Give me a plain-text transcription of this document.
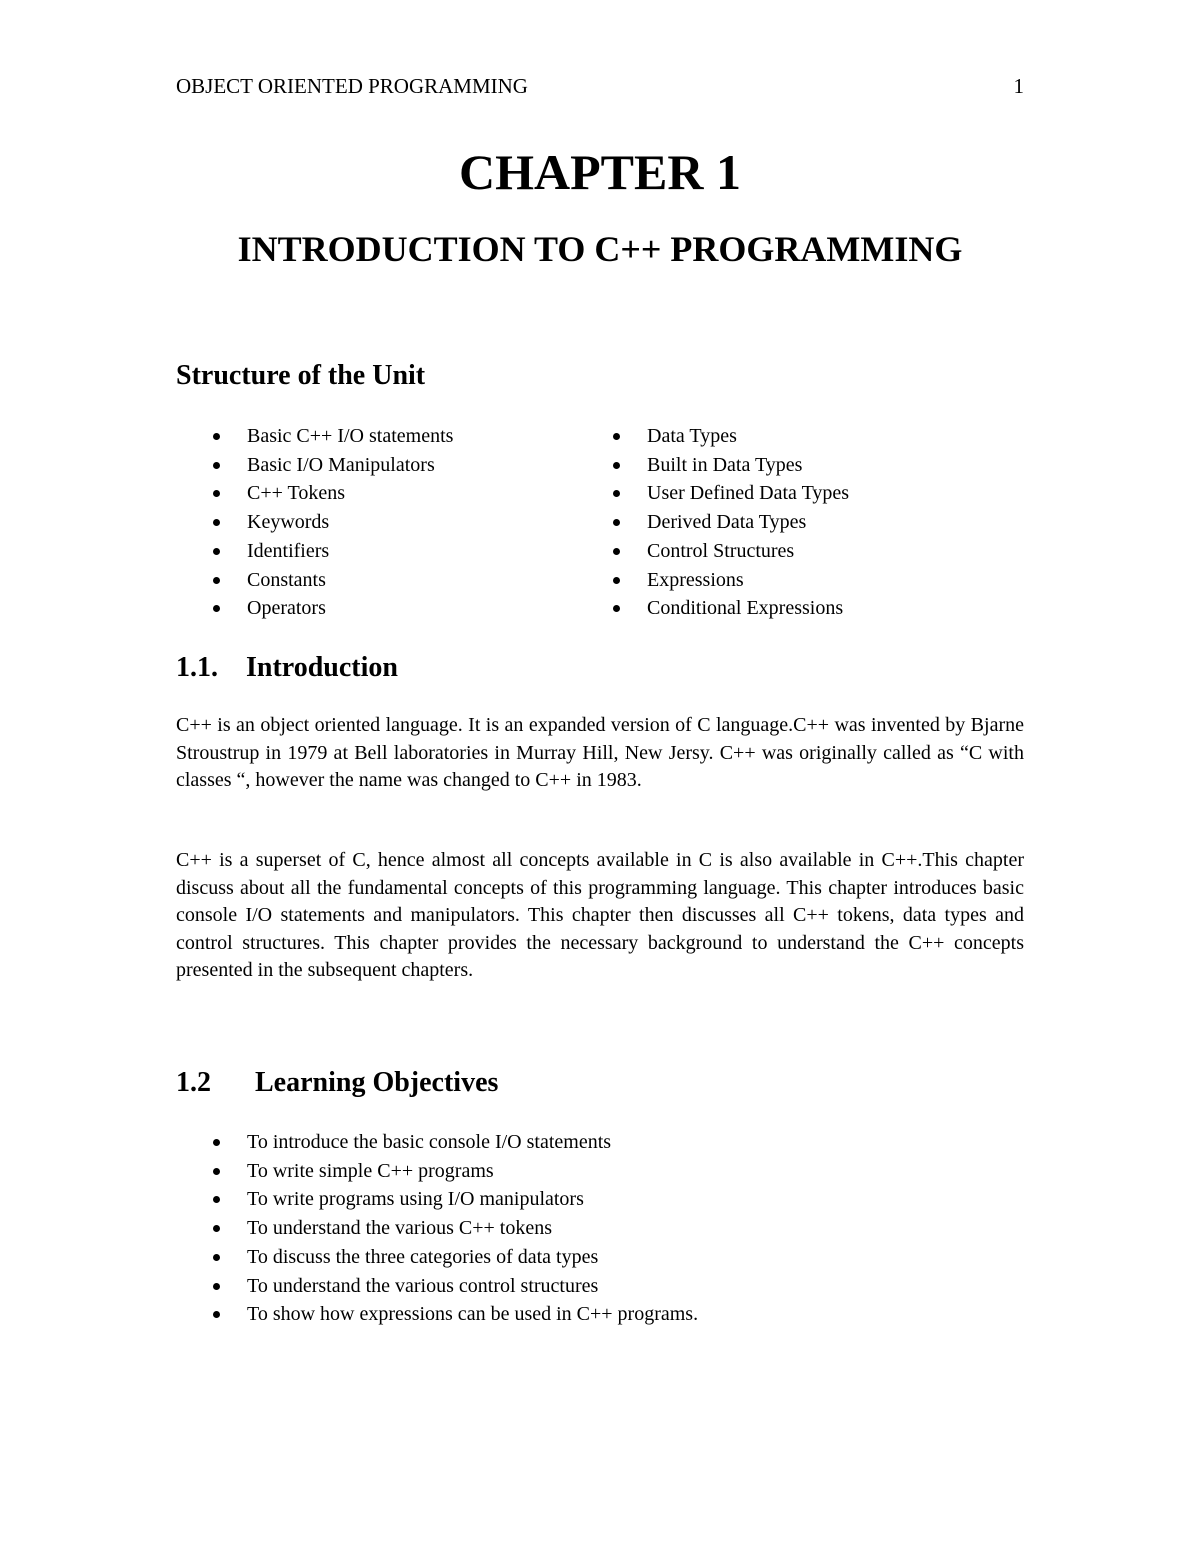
OBJECT ORIENTED PROGRAMMING	1
CHAPTER 1
INTRODUCTION TO C++ PROGRAMMING
Structure of the Unit
Basic C++ I/O statements
Basic I/O Manipulators
C++ Tokens
Keywords
Identifiers
Constants
Operators
Data Types
Built in Data Types
User Defined Data Types
Derived Data Types
Control Structures
Expressions
Conditional Expressions
1.1. Introduction

C++ is an object oriented language. It is an expanded version of C language.C++ was invented by Bjarne Stroustrup in 1979 at Bell laboratories in Murray Hill, New Jersy. C++ was originally called as “C with classes “, however the name was changed to C++ in 1983.

C++ is a superset of C, hence almost all concepts available in C is also available in C++.This chapter discuss about all the fundamental concepts of this programming language. This chapter introduces basic console I/O statements and manipulators. This chapter then discusses all C++ tokens, data types and control structures. This chapter provides the necessary background to understand the C++ concepts presented in the subsequent chapters.

1.2 Learning Objectives
To introduce the basic console I/O statements
To write simple C++ programs
To write programs using I/O manipulators
To understand the various C++ tokens
To discuss the three categories of data types
To understand the various control structures
To show how expressions can be used in C++ programs.
